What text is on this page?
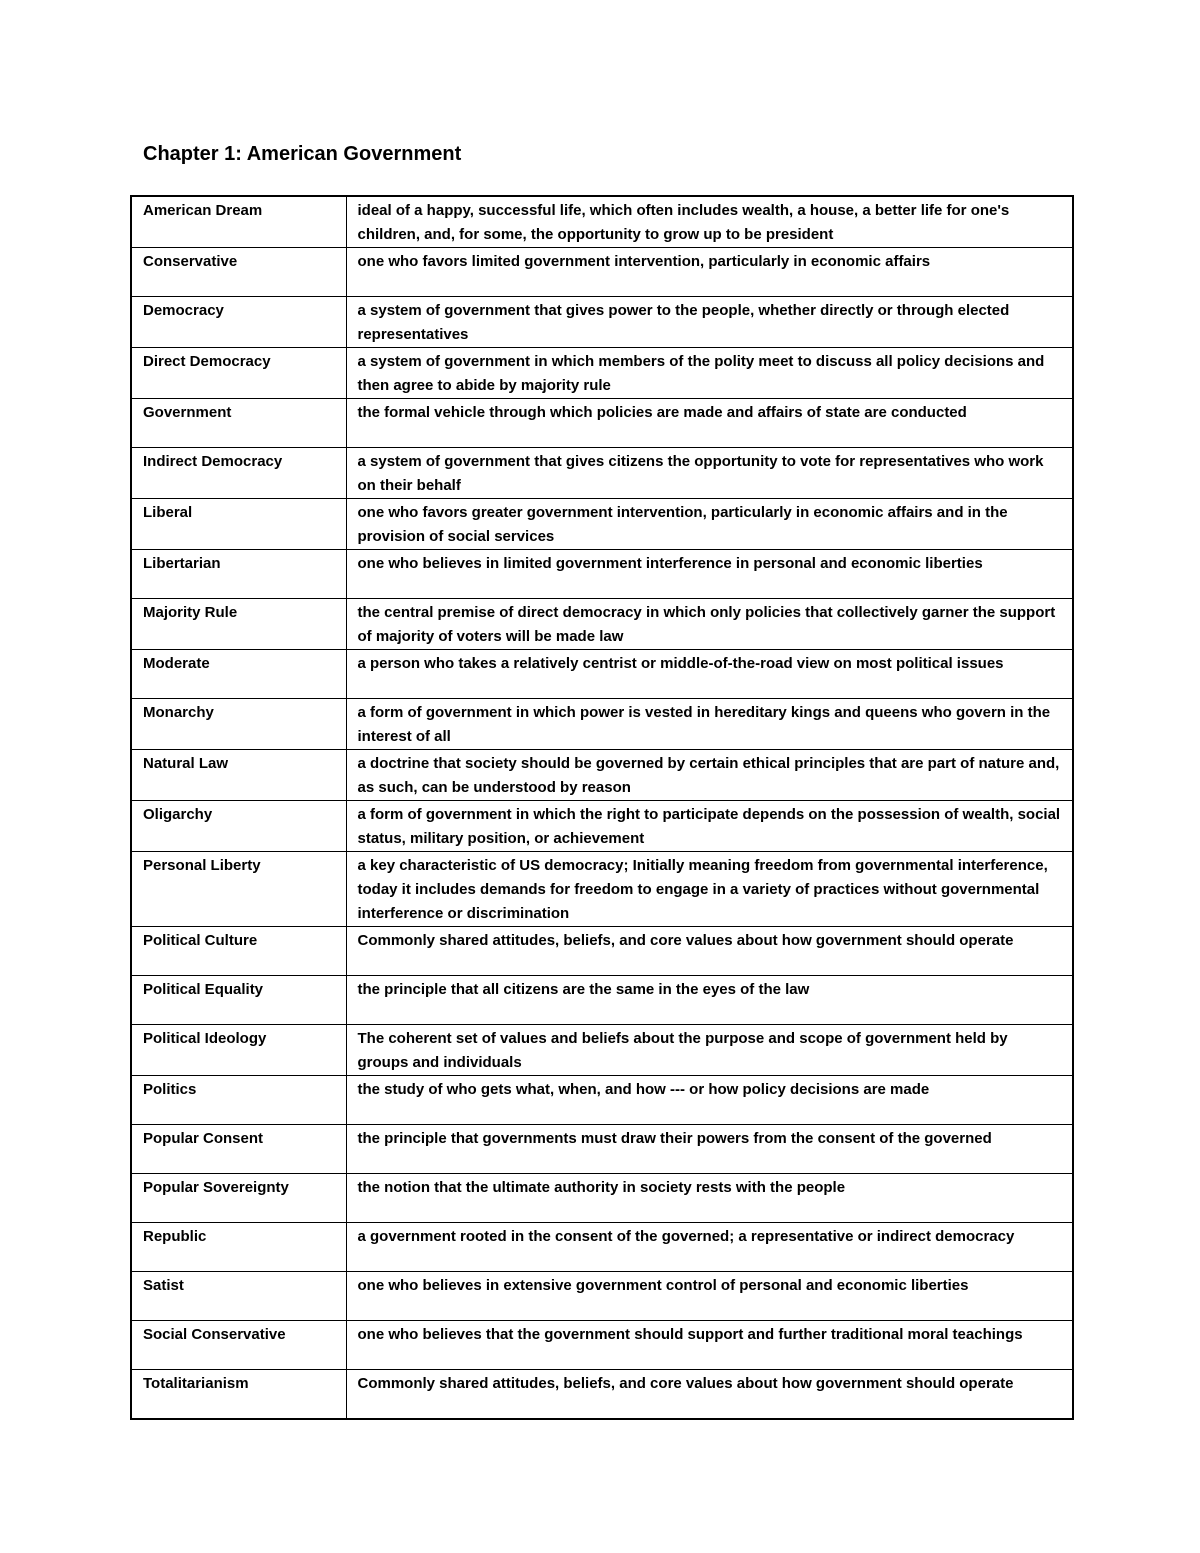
Chapter 1: American Government
American Dream	ideal of a happy, successful life, which often includes wealth, a house, a better life for one's children, and, for some, the opportunity to grow up to be president
Conservative	one who favors limited government intervention, particularly in economic affairs
Democracy	a system of government that gives power to the people, whether directly or through elected representatives
Direct Democracy	a system of government in which members of the polity meet to discuss all policy decisions and then agree to abide by majority rule
Government	the formal vehicle through which policies are made and affairs of state are conducted
Indirect Democracy	a system of government that gives citizens the opportunity to vote for representatives who work on their behalf
Liberal	one who favors greater government intervention, particularly in economic affairs and in the provision of social services
Libertarian	one who believes in limited government interference in personal and economic liberties
Majority Rule	the central premise of direct democracy in which only policies that collectively garner the support of majority of voters will be made law
Moderate	a person who takes a relatively centrist or middle-of-the-road view on most political issues
Monarchy	a form of government in which power is vested in hereditary kings and queens who govern in the interest of all
Natural Law	a doctrine that society should be governed by certain ethical principles that are part of nature and, as such, can be understood by reason
Oligarchy	a form of government in which the right to participate depends on the possession of wealth, social status, military position, or achievement
Personal Liberty	a key characteristic of US democracy; Initially meaning freedom from governmental interference, today it includes demands for freedom to engage in a variety of practices without governmental interference or discrimination
Political Culture	Commonly shared attitudes, beliefs, and core values about how government should operate
Political Equality	the principle that all citizens are the same in the eyes of the law
Political Ideology	The coherent set of values and beliefs about the purpose and scope of government held by groups and individuals
Politics	the study of who gets what, when, and how --- or how policy decisions are made
Popular Consent	the principle that governments must draw their powers from the consent of the governed
Popular Sovereignty	the notion that the ultimate authority in society rests with the people
Republic	a government rooted in the consent of the governed; a representative or indirect democracy
Satist	one who believes in extensive government control of personal and economic liberties
Social Conservative	one who believes that the government should support and further traditional moral teachings
Totalitarianism	Commonly shared attitudes, beliefs, and core values about how government should operate
